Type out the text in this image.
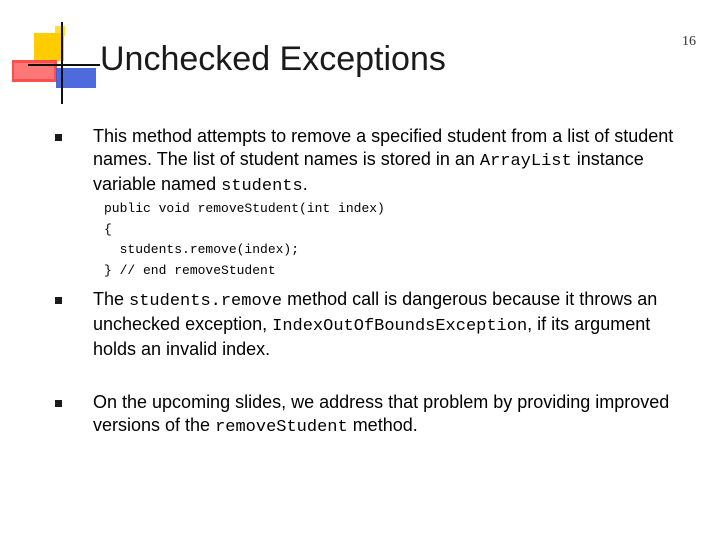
Unchecked Exceptions	16

This method attempts to remove a specified student from a list of student names. The list of student names is stored in an ArrayList instance variable named students.

public void removeStudent(int index)
{
students.remove(index);
} // end removeStudent

The students.remove method call is dangerous because it throws an unchecked exception, IndexOutOfBoundsException, if its argument holds an invalid index.

On the upcoming slides, we address that problem by providing improved versions of the removeStudent method.
